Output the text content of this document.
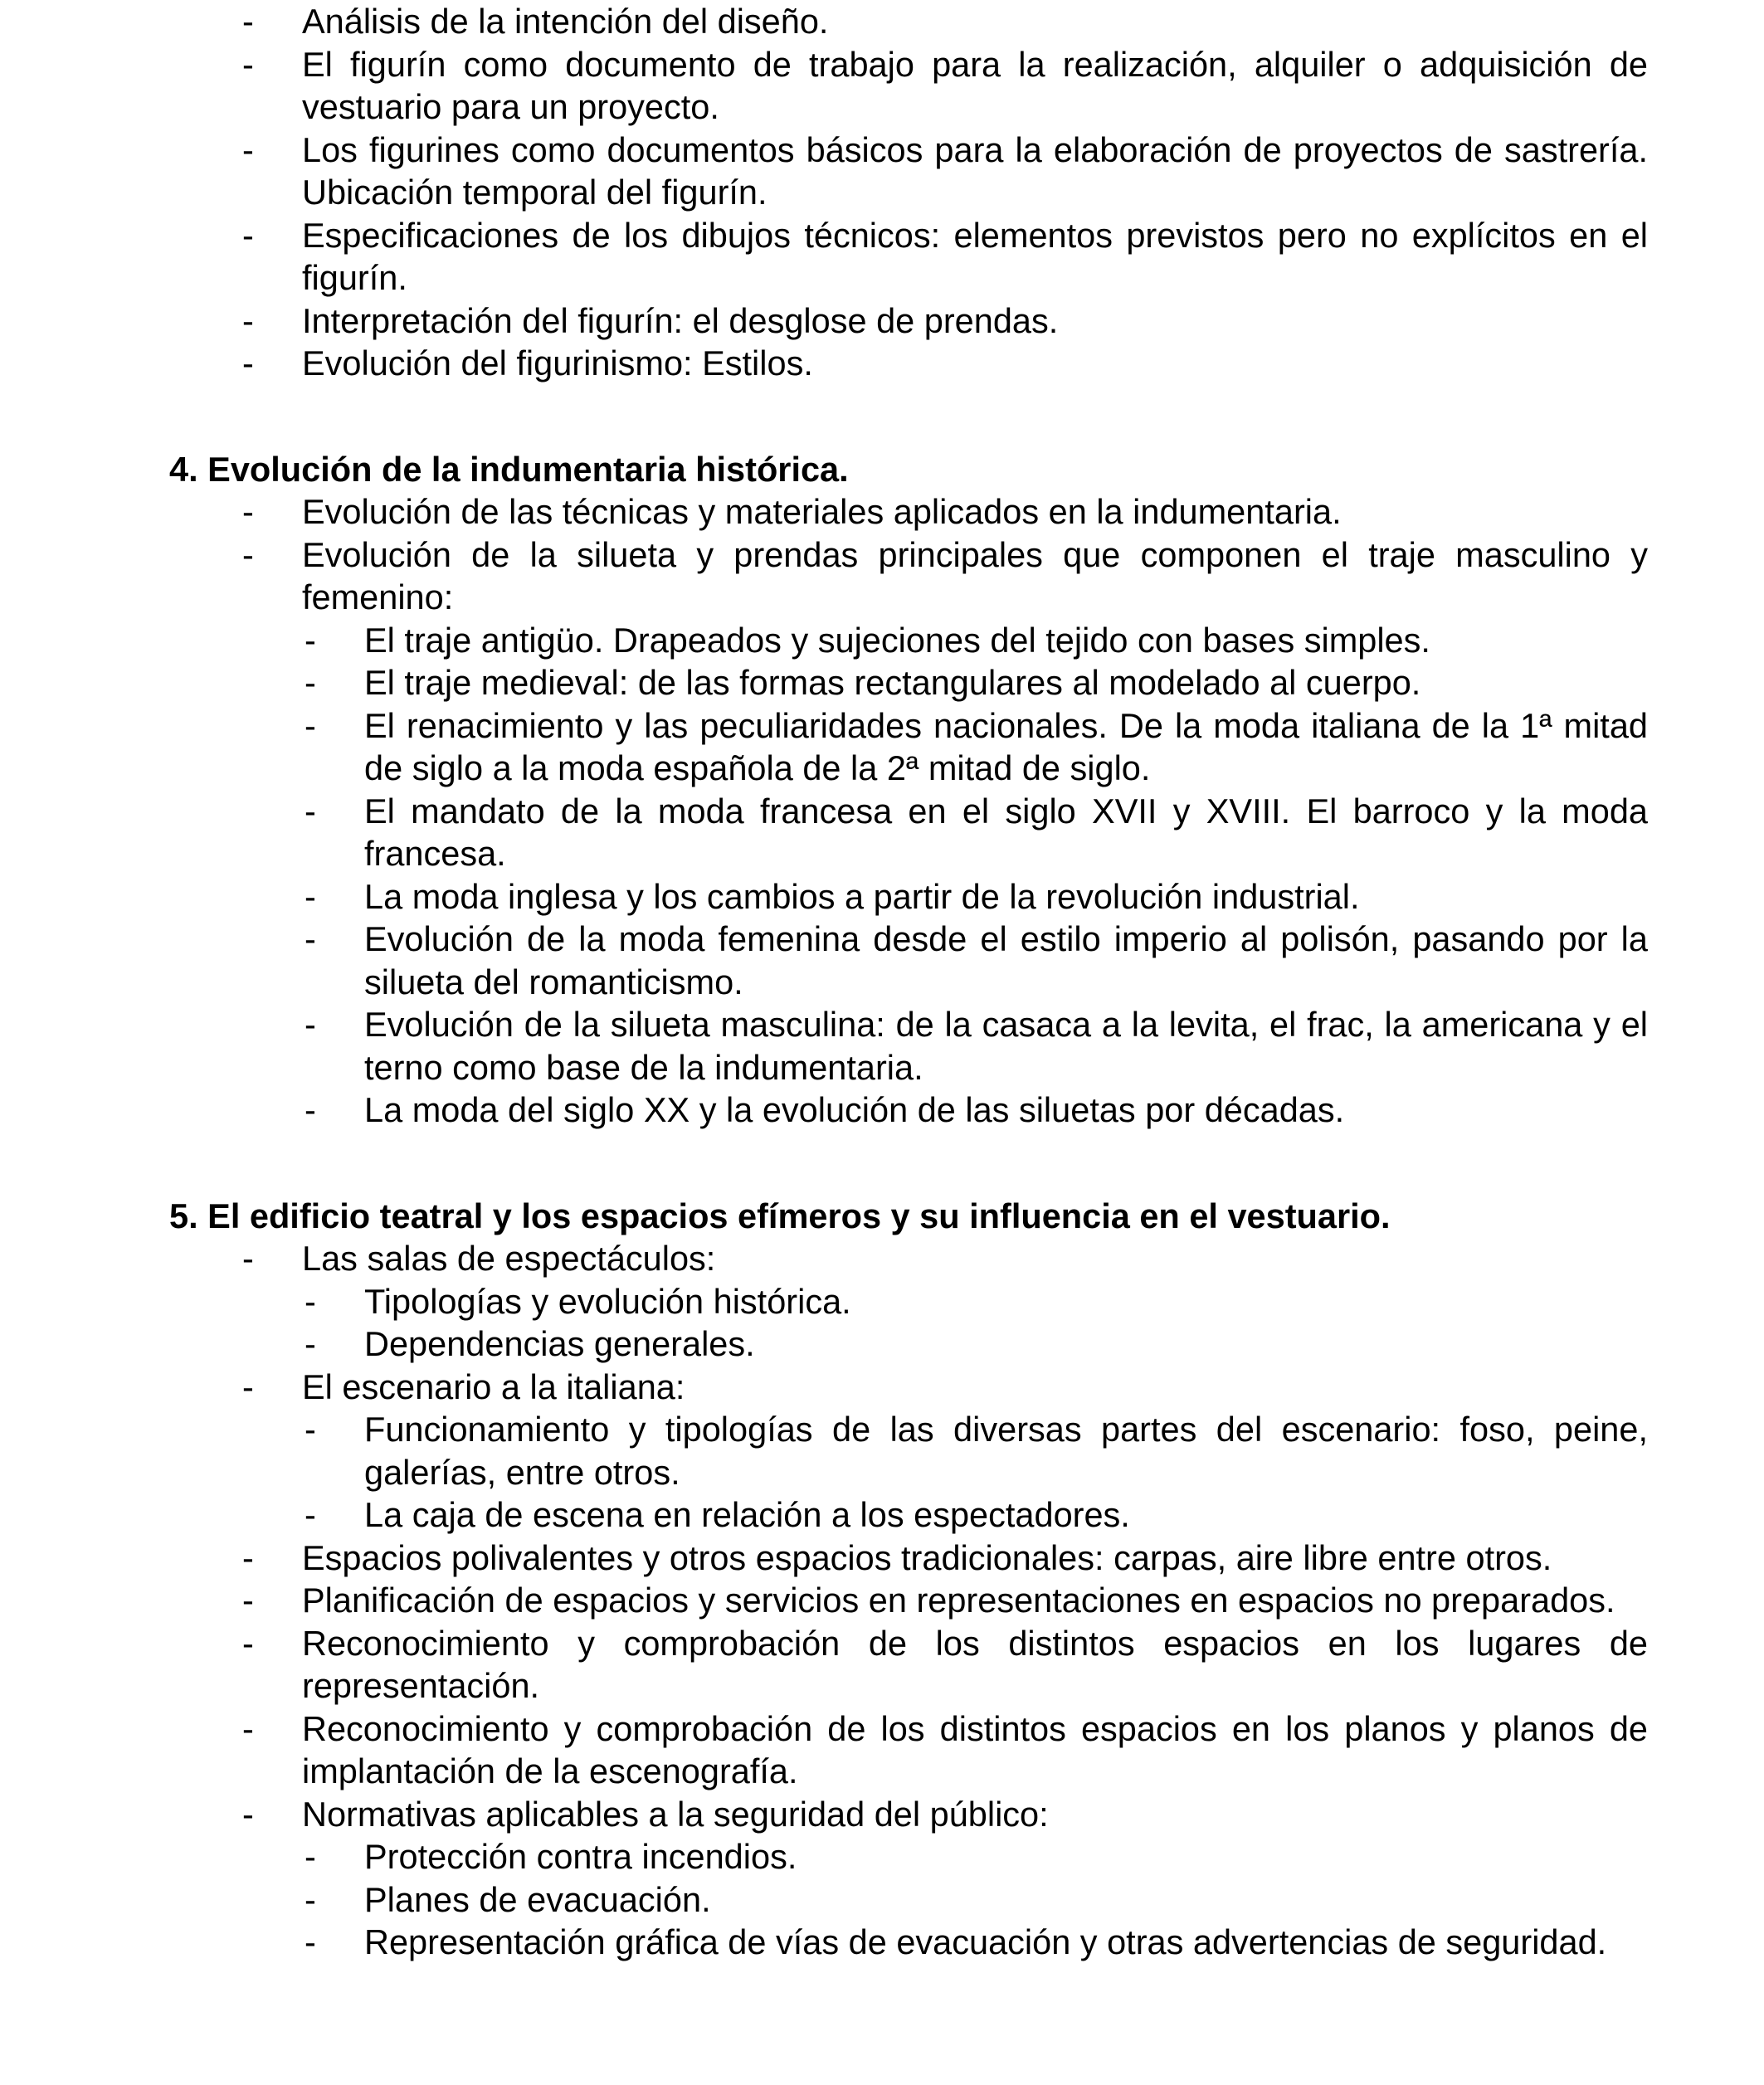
- Análisis de la intención del diseño.
- El figurín como documento de trabajo para la realización, alquiler o adquisición de vestuario para un proyecto.
- Los figurines como documentos básicos para la elaboración de proyectos de sastrería. Ubicación temporal del figurín.
- Especificaciones de los dibujos técnicos: elementos previstos pero no explícitos en el figurín.
- Interpretación del figurín: el desglose de prendas.
- Evolución del figurinismo: Estilos.
4. Evolución de la indumentaria histórica.
- Evolución de las técnicas y materiales aplicados en la indumentaria.
- Evolución de la silueta y prendas principales que componen el traje masculino y femenino:
- El traje antigüo. Drapeados y sujeciones del tejido con bases simples.
- El traje medieval: de las formas rectangulares al modelado al cuerpo.
- El renacimiento y las peculiaridades nacionales. De la moda italiana de la 1ª mitad de siglo a la moda española de la 2ª mitad de siglo.
- El mandato de la moda francesa en el siglo XVII y XVIII. El barroco y la moda francesa.
- La moda inglesa y los cambios a partir de la revolución industrial.
- Evolución de la moda femenina desde el estilo imperio al polisón, pasando por la silueta del romanticismo.
- Evolución de la silueta masculina: de la casaca a la levita, el frac, la americana y el terno como base de la indumentaria.
- La moda del siglo XX y la evolución de las siluetas por décadas.
5. El edificio teatral y los espacios efímeros y su influencia en el vestuario.
- Las salas de espectáculos:
- Tipologías y evolución histórica.
- Dependencias generales.
- El escenario a la italiana:
- Funcionamiento y tipologías de las diversas partes del escenario: foso, peine, galerías, entre otros.
- La caja de escena en relación a los espectadores.
- Espacios polivalentes y otros espacios tradicionales: carpas, aire libre entre otros.
- Planificación de espacios y servicios en representaciones en espacios no preparados.
- Reconocimiento y comprobación de los distintos espacios en los lugares de representación.
- Reconocimiento y comprobación de los distintos espacios en los planos y planos de implantación de la escenografía.
- Normativas aplicables a la seguridad del público:
- Protección contra incendios.
- Planes de evacuación.
- Representación gráfica de vías de evacuación y otras advertencias de seguridad.
